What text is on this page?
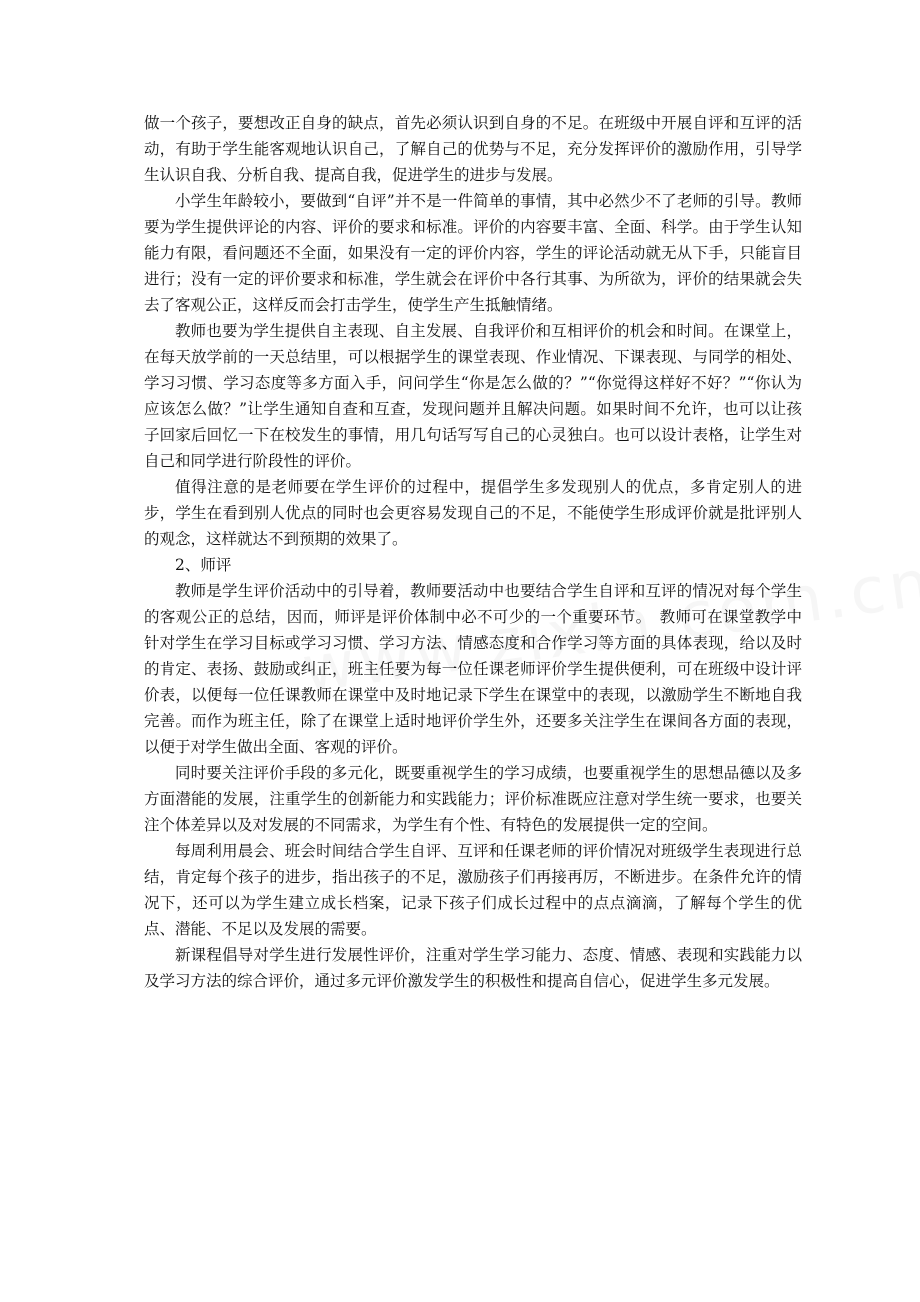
做一个孩子，要想改正自身的缺点，首先必须认识到自身的不足。在班级中开展自评和互评的活动，有助于学生能客观地认识自己，了解自己的优势与不足，充分发挥评价的激励作用，引导学生认识自我、分析自我、提高自我，促进学生的进步与发展。

小学生年龄较小，要做到“自评”并不是一件简单的事情，其中必然少不了老师的引导。教师要为学生提供评论的内容、评价的要求和标准。评价的内容要丰富、全面、科学。由于学生认知能力有限，看问题还不全面，如果没有一定的评价内容，学生的评论活动就无从下手，只能盲目进行；没有一定的评价要求和标准，学生就会在评价中各行其事、为所欲为，评价的结果就会失去了客观公正，这样反而会打击学生，使学生产生抵触情绪。

教师也要为学生提供自主表现、自主发展、自我评价和互相评价的机会和时间。在课堂上，在每天放学前的一天总结里，可以根据学生的课堂表现、作业情况、下课表现、与同学的相处、学习习惯、学习态度等多方面入手，问问学生“你是怎么做的？”“你觉得这样好不好？”“你认为应该怎么做？”让学生通知自查和互查，发现问题并且解决问题。如果时间不允许，也可以让孩子回家后回忆一下在校发生的事情，用几句话写写自己的心灵独白。也可以设计表格，让学生对自己和同学进行阶段性的评价。

值得注意的是老师要在学生评价的过程中，提倡学生多发现别人的优点，多肯定别人的进步，学生在看到别人优点的同时也会更容易发现自己的不足，不能使学生形成评价就是批评别人的观念，这样就达不到预期的效果了。

2、师评

教师是学生评价活动中的引导着，教师要活动中也要结合学生自评和互评的情况对每个学生的客观公正的总结，因而，师评是评价体制中必不可少的一个重要环节。　教师可在课堂教学中针对学生在学习目标或学习习惯、学习方法、情感态度和合作学习等方面的具体表现，给以及时的肯定、表扬、鼓励或纠正，班主任要为每一位任课老师评价学生提供便利，可在班级中设计评价表，以便每一位任课教师在课堂中及时地记录下学生在课堂中的表现，以激励学生不断地自我完善。而作为班主任，除了在课堂上适时地评价学生外，还要多关注学生在课间各方面的表现，以便于对学生做出全面、客观的评价。

同时要关注评价手段的多元化，既要重视学生的学习成绩，也要重视学生的思想品德以及多方面潜能的发展，注重学生的创新能力和实践能力；评价标准既应注意对学生统一要求，也要关注个体差异以及对发展的不同需求，为学生有个性、有特色的发展提供一定的空间。

每周利用晨会、班会时间结合学生自评、互评和任课老师的评价情况对班级学生表现进行总结，肯定每个孩子的进步，指出孩子的不足，激励孩子们再接再厉，不断进步。在条件允许的情况下，还可以为学生建立成长档案，记录下孩子们成长过程中的点点滴滴，了解每个学生的优点、潜能、不足以及发展的需要。

新课程倡导对学生进行发展性评价，注重对学生学习能力、态度、情感、表现和实践能力以及学习方法的综合评价，通过多元评价激发学生的积极性和提高自信心，促进学生多元发展。
